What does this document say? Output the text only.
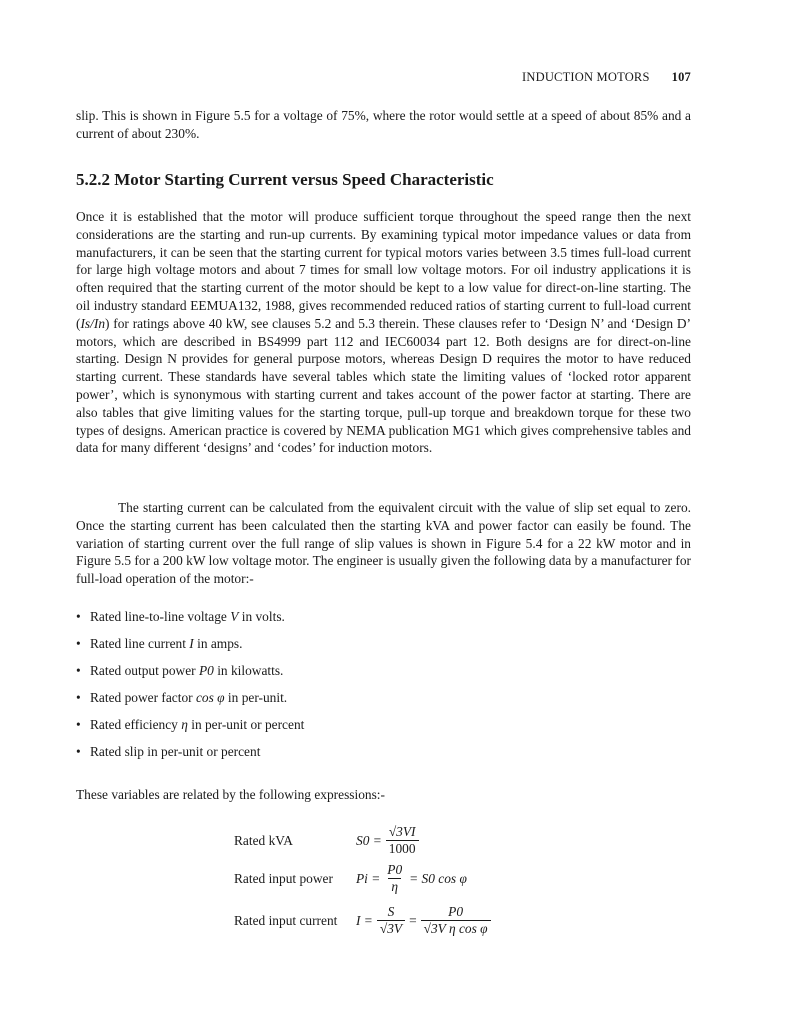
INDUCTION MOTORS 107

slip. This is shown in Figure 5.5 for a voltage of 75%, where the rotor would settle at a speed of about 85% and a current of about 230%.

5.2.2 Motor Starting Current versus Speed Characteristic

Once it is established that the motor will produce sufficient torque throughout the speed range then the next considerations are the starting and run-up currents. By examining typical motor impedance values or data from manufacturers, it can be seen that the starting current for typical motors varies between 3.5 times full-load current for large high voltage motors and about 7 times for small low voltage motors. For oil industry applications it is often required that the starting current of the motor should be kept to a low value for direct-on-line starting. The oil industry standard EEMUA132, 1988, gives recommended reduced ratios of starting current to full-load current (Is/In) for ratings above 40 kW, see clauses 5.2 and 5.3 therein. These clauses refer to ‘Design N’ and ‘Design D’ motors, which are described in BS4999 part 112 and IEC60034 part 12. Both designs are for direct-on-line starting. Design N provides for general purpose motors, whereas Design D requires the motor to have reduced starting current. These standards have several tables which state the limiting values of ‘locked rotor apparent power’, which is synonymous with starting current and takes account of the power factor at starting. There are also tables that give limiting values for the starting torque, pull-up torque and breakdown torque for these two types of designs. American practice is covered by NEMA publication MG1 which gives comprehensive tables and data for many different ‘designs’ and ‘codes’ for induction motors.

The starting current can be calculated from the equivalent circuit with the value of slip set equal to zero. Once the starting current has been calculated then the starting kVA and power factor can easily be found. The variation of starting current over the full range of slip values is shown in Figure 5.4 for a 22 kW motor and in Figure 5.5 for a 200 kW low voltage motor. The engineer is usually given the following data by a manufacturer for full-load operation of the motor:-

• Rated line-to-line voltage V in volts.
• Rated line current I in amps.
• Rated output power P0 in kilowatts.
• Rated power factor cos φ in per-unit.
• Rated efficiency η in per-unit or percent
• Rated slip in per-unit or percent

These variables are related by the following expressions:-

Rated kVA	$S0 = \frac{√3VI}{1000}$
Rated input power	$Pi = \frac{P0}{\eta} = S0$ cos φ
Rated input current	$I = \frac{S}{√3V} = \frac{P0}{\text{√3V η cos φ}}$
